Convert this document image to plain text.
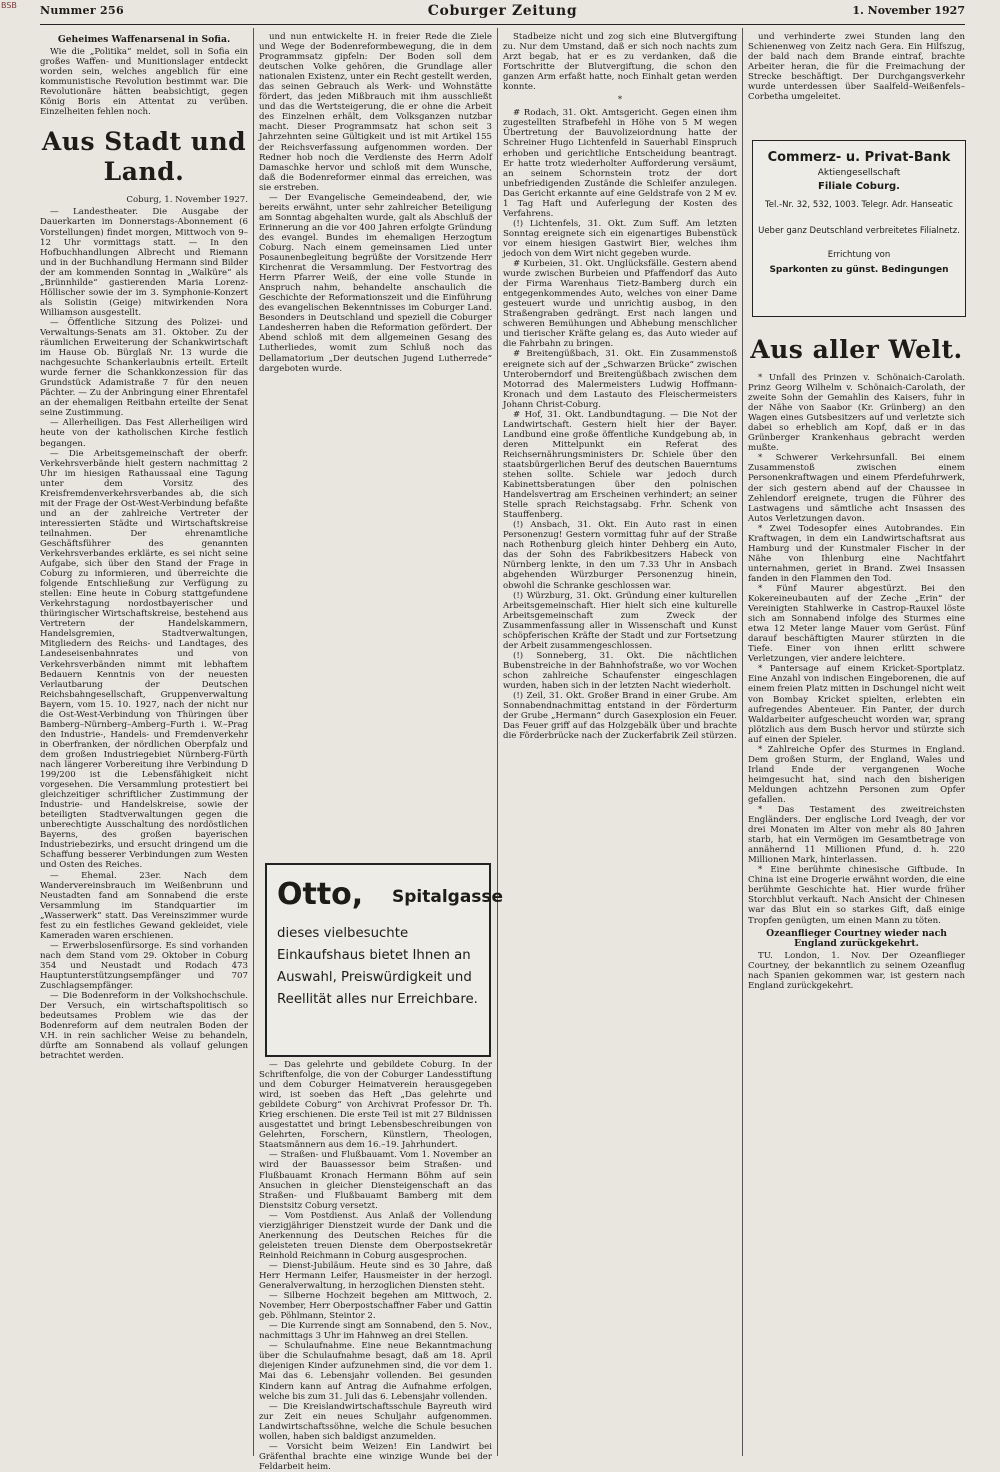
BSB Nummer 256	Coburger Zeitung	1. November 1927
Geheimes Waffenarsenal in Sofia.

Wie die „Politika“ meldet, soll in Sofia ein großes Waffen- und Munitionslager entdeckt worden sein, welches angeblich für eine kommunistische Revolution bestimmt war. Die Revolutionäre hätten beabsichtigt, gegen König Boris ein Attentat zu verüben. Einzelheiten fehlen noch.

Aus Stadt und Land.
Coburg, 1. November 1927.

— Landestheater. Die Ausgabe der Dauerkarten im Donnerstags-Abonnement (6 Vorstellungen) findet morgen, Mittwoch von 9–12 Uhr vormittags statt. — In den Hofbuchhandlungen Albrecht und Riemann und in der Buchhandlung Hermann sind Bilder der am kommenden Sonntag in „Walküre“ als „Brünnhilde“ gastierenden Maria Lorenz-Höllischer sowie der im 3. Symphonie-Konzert als Solistin (Geige) mitwirkenden Nora Williamson ausgestellt.

— Öffentliche Sitzung des Polizei- und Verwaltungs-Senats am 31. Oktober. Zu der räumlichen Erweiterung der Schankwirtschaft im Hause Ob. Bürglaß Nr. 13 wurde die nachgesuchte Schankerlaubnis erteilt. Erteilt wurde ferner die Schankkonzession für das Grundstück Adamistraße 7 für den neuen Pächter. — Zu der Anbringung einer Ehrentafel an der ehemaligen Reitbahn erteilte der Senat seine Zustimmung.

— Allerheiligen. Das Fest Allerheiligen wird heute von der katholischen Kirche festlich begangen.

— Die Arbeitsgemeinschaft der oberfr. Verkehrsverbände hielt gestern nachmittag 2 Uhr im hiesigen Rathaussaal eine Tagung unter dem Vorsitz des Kreisfremdenverkehrsverbandes ab, die sich mit der Frage der Ost-West-Verbindung befaßte und an der zahlreiche Vertreter der interessierten Städte und Wirtschaftskreise teilnahmen. Der ehrenamtliche Geschäftsführer des genannten Verkehrsverbandes erklärte, es sei nicht seine Aufgabe, sich über den Stand der Frage in Coburg zu informieren, und überreichte die folgende Entschließung zur Verfügung zu stellen: Eine heute in Coburg stattgefundene Verkehrstagung nordostbayerischer und thüringischer Wirtschaftskreise, bestehend aus Vertretern der Handelskammern, Handelsgremien, Stadtverwaltungen, Mitgliedern des Reichs- und Landtages, des Landeseisenbahnrates und von Verkehrsverbänden nimmt mit lebhaftem Bedauern Kenntnis von der neuesten Verlautbarung der Deutschen Reichsbahngesellschaft, Gruppenverwaltung Bayern, vom 15. 10. 1927, nach der nicht nur die Ost-West-Verbindung von Thüringen über Bamberg–Nürnberg–Amberg–Furth i. W.–Prag den Industrie-, Handels- und Fremdenverkehr in Oberfranken, der nördlichen Oberpfalz und dem großen Industriegebiet Nürnberg-Fürth nach längerer Vorbereitung ihre Verbindung D 199/200 ist die Lebensfähigkeit nicht vorgesehen. Die Versammlung protestiert bei gleichzeitiger schriftlicher Zustimmung der Industrie- und Handelskreise, sowie der beteiligten Stadtverwaltungen gegen die unberechtigte Ausschaltung des nordöstlichen Bayerns, des großen bayerischen Industriebezirks, und ersucht dringend um die Schaffung besserer Verbindungen zum Westen und Osten des Reiches.

— Ehemal. 23er. Nach dem Wandervereinsbrauch im Weißenbrunn und Neustadten fand am Sonnabend die erste Versammlung im Standquartier im „Wasserwerk“ statt. Das Vereinszimmer wurde fest zu ein festliches Gewand gekleidet, viele Kameraden waren erschienen.

— Erwerbslosenfürsorge. Es sind vorhanden nach dem Stand vom 29. Oktober in Coburg 354 und Neustadt und Rodach 473 Hauptunterstützungsempfänger und 707 Zuschlagsempfänger.

— Die Bodenreform in der Volkshochschule. Der Versuch, ein wirtschaftspolitisch so bedeutsames Problem wie das der Bodenreform auf dem neutralen Boden der V.H. in rein sachlicher Weise zu behandeln, dürfte am Sonnabend als vollauf gelungen betrachtet werden.

und nun entwickelte H. in freier Rede die Ziele und Wege der Bodenreformbewegung, die in dem Programmsatz gipfeln: Der Boden soll dem deutschen Volke gehören, die Grundlage aller nationalen Existenz, unter ein Recht gestellt werden, das seinen Gebrauch als Werk- und Wohnstätte fördert, das jeden Mißbrauch mit ihm ausschließt und das die Wertsteigerung, die er ohne die Arbeit des Einzelnen erhält, dem Volksganzen nutzbar macht. Dieser Programmsatz hat schon seit 3 Jahrzehnten seine Gültigkeit und ist mit Artikel 155 der Reichsverfassung aufgenommen worden. Der Redner hob noch die Verdienste des Herrn Adolf Damaschke hervor und schloß mit dem Wunsche, daß die Bodenreformer einmal das erreichen, was sie erstreben.

— Der Evangelische Gemeindeabend, der, wie bereits erwähnt, unter sehr zahlreicher Beteiligung am Sonntag abgehalten wurde, galt als Abschluß der Erinnerung an die vor 400 Jahren erfolgte Gründung des evangel. Bundes im ehemaligen Herzogtum Coburg. Nach einem gemeinsamen Lied unter Posaunenbegleitung begrüßte der Vorsitzende Herr Kirchenrat die Versammlung. Der Festvortrag des Herrn Pfarrer Weiß, der eine volle Stunde in Anspruch nahm, behandelte anschaulich die Geschichte der Reformationszeit und die Einführung des evangelischen Bekenntnisses im Coburger Land. Besonders in Deutschland und speziell die Coburger Landesherren haben die Reformation gefördert. Der Abend schloß mit dem allgemeinen Gesang des Lutherliedes, womit zum Schluß noch das Dellamatorium „Der deutschen Jugend Lutherrede“ dargeboten wurde.

Otto, Spitalgasse
dieses vielbesuchte Einkaufshaus bietet Ihnen an Auswahl, Preiswürdigkeit und Reellität alles nur Erreichbare.

— Das gelehrte und gebildete Coburg. In der Schriftenfolge, die von der Coburger Landesstiftung und dem Coburger Heimatverein herausgegeben wird, ist soeben das Heft „Das gelehrte und gebildete Coburg“ von Archivrat Professor Dr. Th. Krieg erschienen. Die erste Teil ist mit 27 Bildnissen ausgestattet und bringt Lebensbeschreibungen von Gelehrten, Forschern, Künstlern, Theologen, Staatsmännern aus dem 16.–19. Jahrhundert.

— Straßen- und Flußbauamt. Vom 1. November an wird der Bauassessor beim Straßen- und Flußbauamt Kronach Hermann Böhm auf sein Ansuchen in gleicher Diensteigenschaft an das Straßen- und Flußbauamt Bamberg mit dem Dienstsitz Coburg versetzt.

— Vom Postdienst. Aus Anlaß der Vollendung vierzigjähriger Dienstzeit wurde der Dank und die Anerkennung des Deutschen Reiches für die geleisteten treuen Dienste dem Oberpostsekretär Reinhold Reichmann in Coburg ausgesprochen.

— Dienst-Jubiläum. Heute sind es 30 Jahre, daß Herr Hermann Leifer, Hausmeister in der herzogl. Generalverwaltung, in herzoglichen Diensten steht.

— Silberne Hochzeit begehen am Mittwoch, 2. November, Herr Oberpostschaffner Faber und Gattin geb. Pöhlmann, Steintor 2.

— Die Kurrende singt am Sonnabend, den 5. Nov., nachmittags 3 Uhr im Hahnweg an drei Stellen.

— Schulaufnahme. Eine neue Bekanntmachung über die Schulaufnahme besagt, daß am 18. April diejenigen Kinder aufzunehmen sind, die vor dem 1. Mai das 6. Lebensjahr vollenden. Bei gesunden Kindern kann auf Antrag die Aufnahme erfolgen, welche bis zum 31. Juli das 6. Lebensjahr vollenden.

— Die Kreislandwirtschaftsschule Bayreuth wird zur Zeit ein neues Schuljahr aufgenommen. Landwirtschaftssöhne, welche die Schule besuchen wollen, haben sich baldigst anzumelden.

— Vorsicht beim Weizen! Ein Landwirt bei Gräfenthal brachte eine winzige Wunde bei der Feldarbeit heim.

Stadbeize nicht und zog sich eine Blutvergiftung zu. Nur dem Umstand, daß er sich noch nachts zum Arzt begab, hat er es zu verdanken, daß die Fortschritte der Blutvergiftung, die schon den ganzen Arm erfaßt hatte, noch Einhalt getan werden konnte.

*

# Rodach, 31. Okt. Amtsgericht. Gegen einen ihm zugestellten Strafbefehl in Höhe von 5 M wegen Übertretung der Bauvolizeiordnung hatte der Schreiner Hugo Lichtenfeld in Sauerhabl Einspruch erhoben und gerichtliche Entscheidung beantragt. Er hatte trotz wiederholter Aufforderung versäumt, an seinem Schornstein trotz der dort unbefriedigenden Zustände die Schleifer anzulegen. Das Gericht erkannte auf eine Geldstrafe von 2 M ev. 1 Tag Haft und Auferlegung der Kosten des Verfahrens.

(!) Lichtenfels, 31. Okt. Zum Suff. Am letzten Sonntag ereignete sich ein eigenartiges Bubenstück vor einem hiesigen Gastwirt Bier, welches ihm jedoch von dem Wirt nicht gegeben wurde.

# Kurbeien, 31. Okt. Unglücksfälle. Gestern abend wurde zwischen Burbeien und Pfaffendorf das Auto der Firma Warenhaus Tietz-Bamberg durch ein entgegenkommendes Auto, welches von einer Dame gesteuert wurde und unrichtig ausbog, in den Straßengraben gedrängt. Erst nach langen und schweren Bemühungen und Abhebung menschlicher und tierischer Kräfte gelang es, das Auto wieder auf die Fahrbahn zu bringen.

# Breitengüßbach, 31. Okt. Ein Zusammenstoß ereignete sich auf der „Schwarzen Brücke“ zwischen Unteroberndorf und Breitengüßbach zwischen dem Motorrad des Malermeisters Ludwig Hoffmann-Kronach und dem Lastauto des Fleischermeisters Johann Christ-Coburg.

# Hof, 31. Okt. Landbundtagung. — Die Not der Landwirtschaft. Gestern hielt hier der Bayer. Landbund eine große öffentliche Kundgebung ab, in deren Mittelpunkt ein Referat des Reichsernährungsministers Dr. Schiele über den staatsbürgerlichen Beruf des deutschen Bauerntums stehen sollte. Schiele war jedoch durch Kabinettsberatungen über den polnischen Handelsvertrag am Erscheinen verhindert; an seiner Stelle sprach Reichstagsabg. Frhr. Schenk von Stauffenberg.

(!) Ansbach, 31. Okt. Ein Auto rast in einen Personenzug! Gestern vormittag fuhr auf der Straße nach Rothenburg gleich hinter Dehberg ein Auto, das der Sohn des Fabrikbesitzers Habeck von Nürnberg lenkte, in den um 7.33 Uhr in Ansbach abgehenden Würzburger Personenzug hinein, obwohl die Schranke geschlossen war.

(!) Würzburg, 31. Okt. Gründung einer kulturellen Arbeitsgemeinschaft. Hier hielt sich eine kulturelle Arbeitsgemeinschaft zum Zweck der Zusammenfassung aller in Wissenschaft und Kunst schöpferischen Kräfte der Stadt und zur Fortsetzung der Arbeit zusammengeschlossen.

(!) Sonneberg, 31. Okt. Die nächtlichen Bubenstreiche in der Bahnhofstraße, wo vor Wochen schon zahlreiche Schaufenster eingeschlagen wurden, haben sich in der letzten Nacht wiederholt.

(!) Zeil, 31. Okt. Großer Brand in einer Grube. Am Sonnabendnachmittag entstand in der Förderturm der Grube „Hermann“ durch Gasexplosion ein Feuer. Das Feuer griff auf das Holzgebälk über und brachte die Förderbrücke nach der Zuckerfabrik Zeil stürzen.

und verhinderte zwei Stunden lang den Schienenweg von Zeitz nach Gera. Ein Hilfszug, der bald nach dem Brande eintraf, brachte Arbeiter heran, die für die Freimachung der Strecke beschäftigt. Der Durchgangsverkehr wurde unterdessen über Saalfeld–Weißenfels–Corbetha umgeleitet.

Commerz- u. Privat-Bank
Aktiengesellschaft
Filiale Coburg.
Tel.-Nr. 32, 532, 1003. Telegr. Adr. Hanseatic
Ueber ganz Deutschland verbreitetes Filialnetz.
Errichtung von
Sparkonten zu günst. Bedingungen
Aus aller Welt.

* Unfall des Prinzen v. Schönaich-Carolath. Prinz Georg Wilhelm v. Schönaich-Carolath, der zweite Sohn der Gemahlin des Kaisers, fuhr in der Nähe von Saabor (Kr. Grünberg) an den Wagen eines Gutsbesitzers auf und verletzte sich dabei so erheblich am Kopf, daß er in das Grünberger Krankenhaus gebracht werden mußte.

* Schwerer Verkehrsunfall. Bei einem Zusammenstoß zwischen einem Personenkraftwagen und einem Pferdefuhrwerk, der sich gestern abend auf der Chaussee in Zehlendorf ereignete, trugen die Führer des Lastwagens und sämtliche acht Insassen des Autos Verletzungen davon.

* Zwei Todesopfer eines Autobrandes. Ein Kraftwagen, in dem ein Landwirtschaftsrat aus Hamburg und der Kunstmaler Fischer in der Nähe von Ihlenburg eine Nachtfahrt unternahmen, geriet in Brand. Zwei Insassen fanden in den Flammen den Tod.

* Fünf Maurer abgestürzt. Bei den Kokereineubauten auf der Zeche „Erin“ der Vereinigten Stahlwerke in Castrop-Rauxel löste sich am Sonnabend infolge des Sturmes eine etwa 12 Meter lange Mauer vom Gerüst. Fünf darauf beschäftigten Maurer stürzten in die Tiefe. Einer von ihnen erlitt schwere Verletzungen, vier andere leichtere.

* Pantersage auf einem Kricket-Sportplatz. Eine Anzahl von indischen Eingeborenen, die auf einem freien Platz mitten in Dschungel nicht weit von Bombay Kricket spielten, erlebten ein aufregendes Abenteuer. Ein Panter, der durch Waldarbeiter aufgescheucht worden war, sprang plötzlich aus dem Busch hervor und stürzte sich auf einen der Spieler.

* Zahlreiche Opfer des Sturmes in England. Dem großen Sturm, der England, Wales und Irland Ende der vergangenen Woche heimgesucht hat, sind nach den bisherigen Meldungen achtzehn Personen zum Opfer gefallen.

* Das Testament des zweitreichsten Engländers. Der englische Lord Iveagh, der vor drei Monaten im Alter von mehr als 80 Jahren starb, hat ein Vermögen im Gesamtbetrage von annähernd 11 Millionen Pfund, d. h. 220 Millionen Mark, hinterlassen.

* Eine berühmte chinesische Giftbude. In China ist eine Drogerie erwähnt worden, die eine berühmte Geschichte hat. Hier wurde früher Storchblut verkauft. Nach Ansicht der Chinesen war das Blut ein so starkes Gift, daß einige Tropfen genügten, um einen Mann zu töten.

Ozeanflieger Courtney wieder nach England zurückgekehrt.

TU. London, 1. Nov. Der Ozeanflieger Courtney, der bekanntlich zu seinem Ozeanflug nach Spanien gekommen war, ist gestern nach England zurückgekehrt.
